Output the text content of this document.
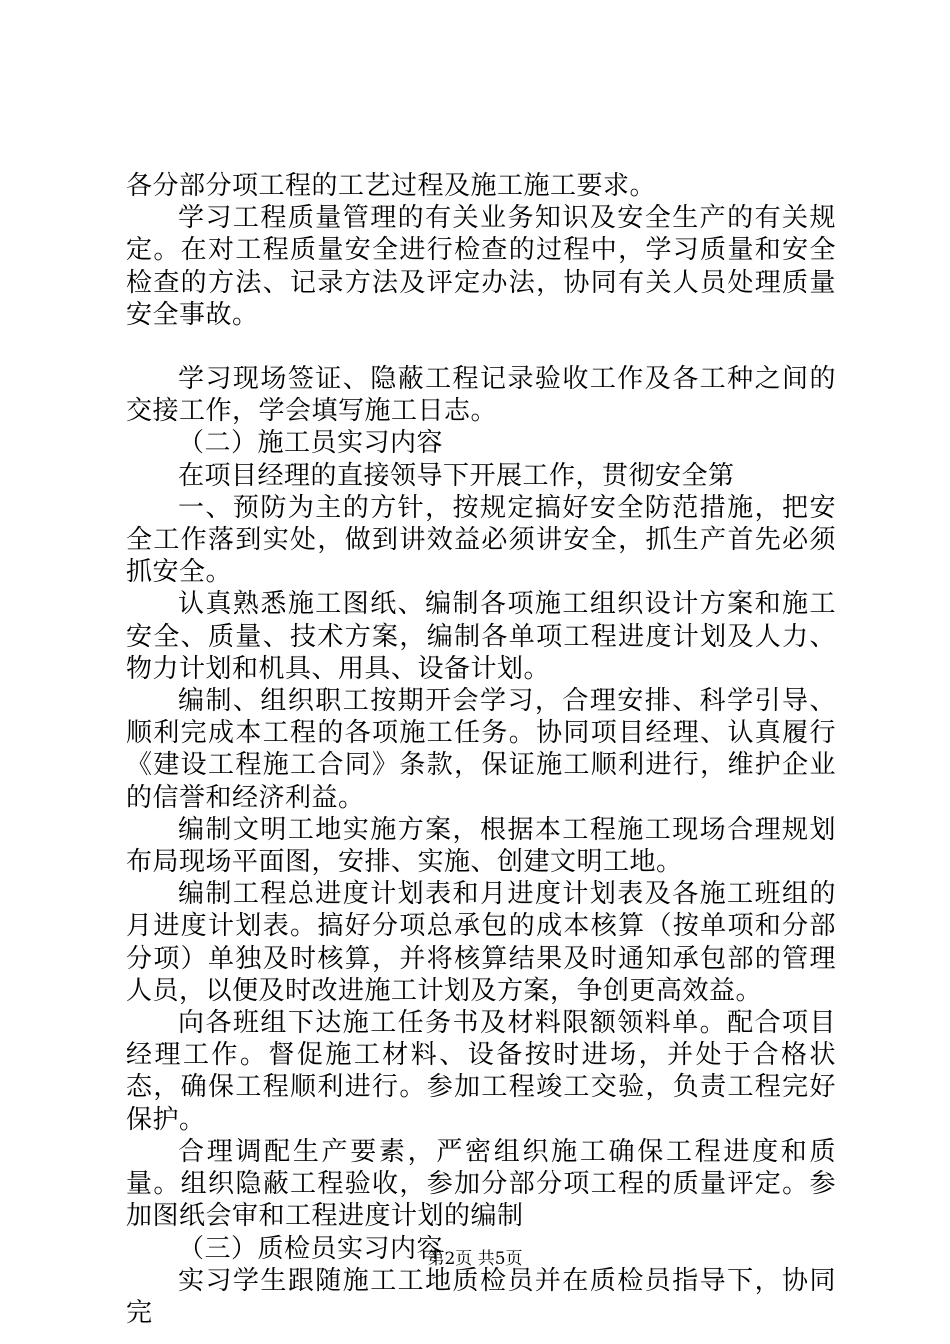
各分部分项工程的工艺过程及施工施工要求。

学习工程质量管理的有关业务知识及安全生产的有关规定。在对工程质量安全进行检查的过程中，学习质量和安全检查的方法、记录方法及评定办法，协同有关人员处理质量安全事故。

学习现场签证、隐蔽工程记录验收工作及各工种之间的交接工作，学会填写施工日志。

（二）施工员实习内容

在项目经理的直接领导下开展工作，贯彻安全第

一、预防为主的方针，按规定搞好安全防范措施，把安全工作落到实处，做到讲效益必须讲安全，抓生产首先必须抓安全。

认真熟悉施工图纸、编制各项施工组织设计方案和施工安全、质量、技术方案，编制各单项工程进度计划及人力、物力计划和机具、用具、设备计划。

编制、组织职工按期开会学习，合理安排、科学引导、顺利完成本工程的各项施工任务。协同项目经理、认真履行《建设工程施工合同》条款，保证施工顺利进行，维护企业的信誉和经济利益。

编制文明工地实施方案，根据本工程施工现场合理规划布局现场平面图，安排、实施、创建文明工地。

编制工程总进度计划表和月进度计划表及各施工班组的月进度计划表。搞好分项总承包的成本核算（按单项和分部分项）单独及时核算，并将核算结果及时通知承包部的管理人员，以便及时改进施工计划及方案，争创更高效益。

向各班组下达施工任务书及材料限额领料单。配合项目经理工作。督促施工材料、设备按时进场，并处于合格状态，确保工程顺利进行。参加工程竣工交验，负责工程完好保护。

合理调配生产要素，严密组织施工确保工程进度和质量。组织隐蔽工程验收，参加分部分项工程的质量评定。参加图纸会审和工程进度计划的编制

（三）质检员实习内容

实习学生跟随施工工地质检员并在质检员指导下，协同完

第2页 共5页
